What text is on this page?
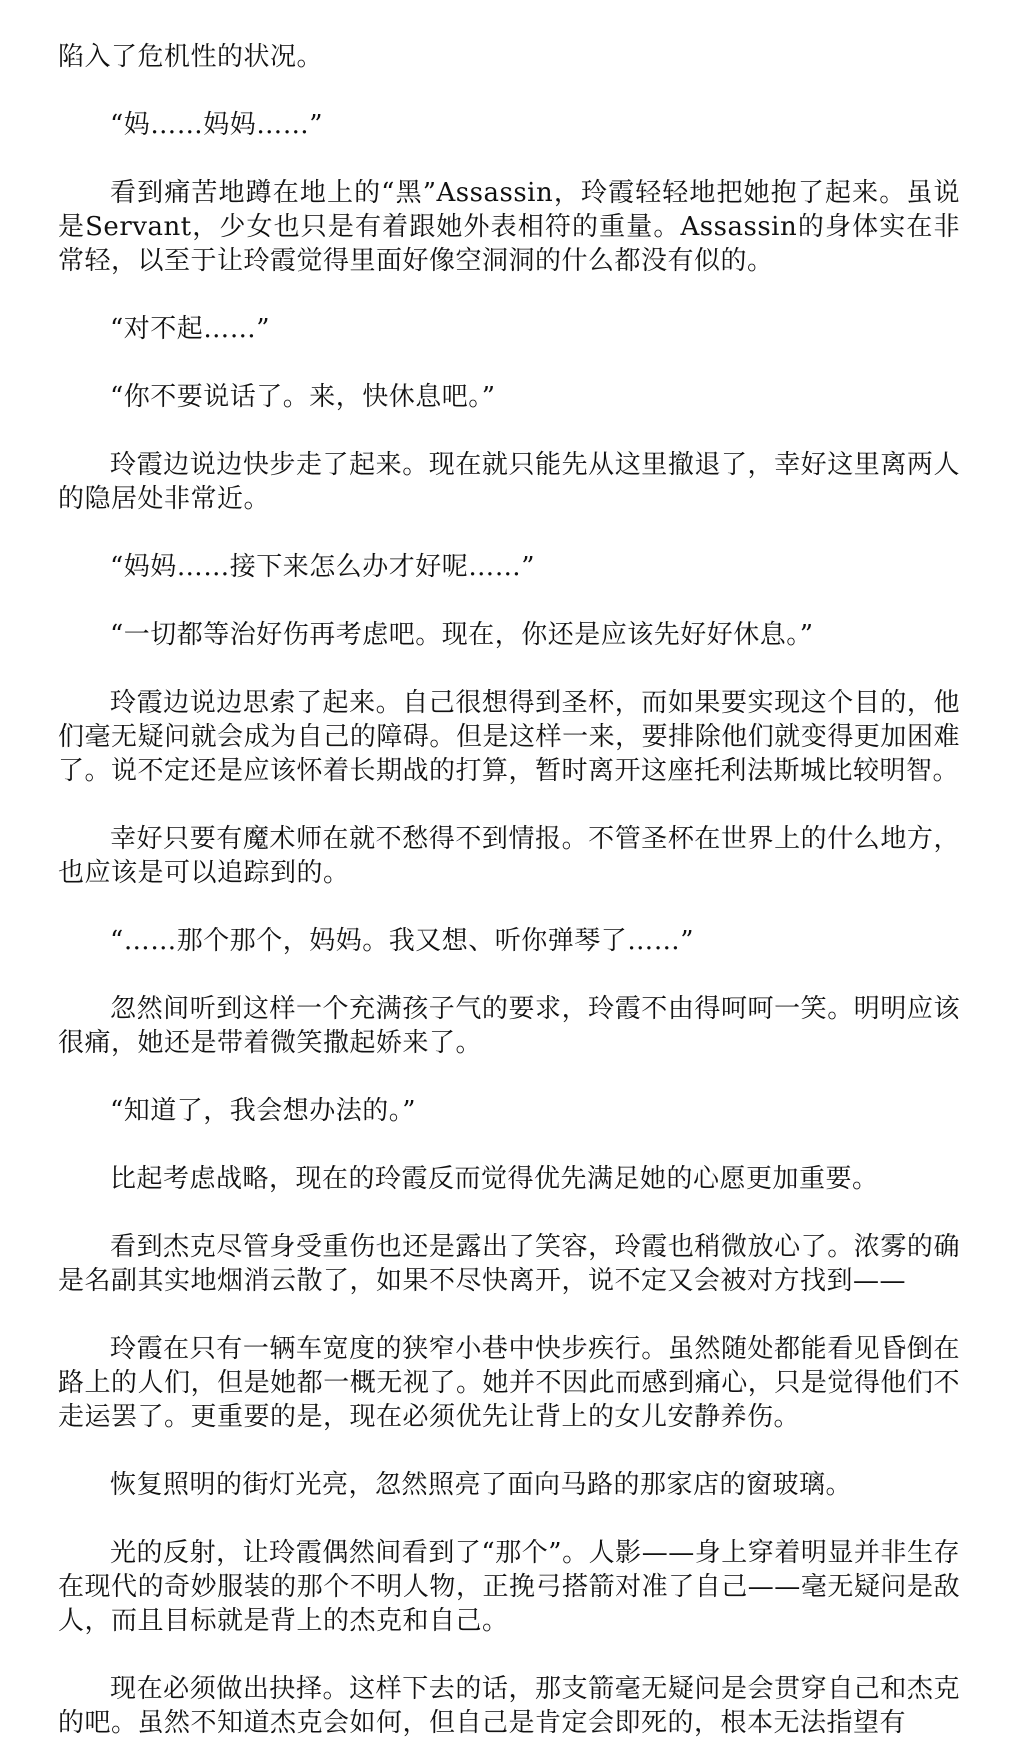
陷入了危机性的状况。

“妈……妈妈……”

看到痛苦地蹲在地上的“黑”Assassin，玲霞轻轻地把她抱了起来。虽说是Servant，少女也只是有着跟她外表相符的重量。Assassin的身体实在非常轻，以至于让玲霞觉得里面好像空洞洞的什么都没有似的。

“对不起……”

“你不要说话了。来，快休息吧。”

玲霞边说边快步走了起来。现在就只能先从这里撤退了，幸好这里离两人的隐居处非常近。

“妈妈……接下来怎么办才好呢……”

“一切都等治好伤再考虑吧。现在，你还是应该先好好休息。”

玲霞边说边思索了起来。自己很想得到圣杯，而如果要实现这个目的，他们毫无疑问就会成为自己的障碍。但是这样一来，要排除他们就变得更加困难了。说不定还是应该怀着长期战的打算，暂时离开这座托利法斯城比较明智。

幸好只要有魔术师在就不愁得不到情报。不管圣杯在世界上的什么地方，也应该是可以追踪到的。

“……那个那个，妈妈。我又想、听你弹琴了……”

忽然间听到这样一个充满孩子气的要求，玲霞不由得呵呵一笑。明明应该很痛，她还是带着微笑撒起娇来了。

“知道了，我会想办法的。”

比起考虑战略，现在的玲霞反而觉得优先满足她的心愿更加重要。

看到杰克尽管身受重伤也还是露出了笑容，玲霞也稍微放心了。浓雾的确是名副其实地烟消云散了，如果不尽快离开，说不定又会被对方找到——

玲霞在只有一辆车宽度的狭窄小巷中快步疾行。虽然随处都能看见昏倒在路上的人们，但是她都一概无视了。她并不因此而感到痛心，只是觉得他们不走运罢了。更重要的是，现在必须优先让背上的女儿安静养伤。

恢复照明的街灯光亮，忽然照亮了面向马路的那家店的窗玻璃。

光的反射，让玲霞偶然间看到了“那个”。人影——身上穿着明显并非生存在现代的奇妙服装的那个不明人物，正挽弓搭箭对准了自己——毫无疑问是敌人，而且目标就是背上的杰克和自己。

现在必须做出抉择。这样下去的话，那支箭毫无疑问是会贯穿自己和杰克的吧。虽然不知道杰克会如何，但自己是肯定会即死的，根本无法指望有
